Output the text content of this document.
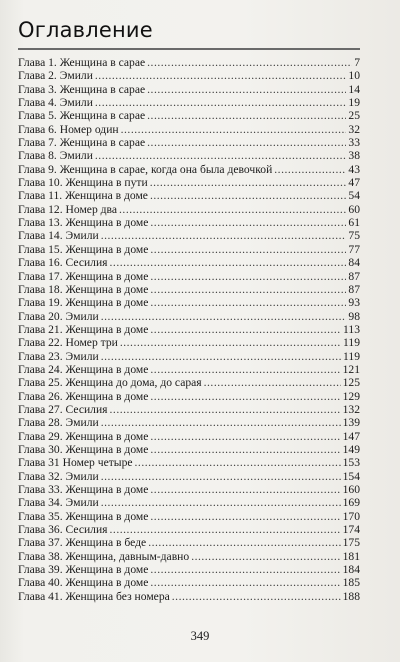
Оглавление
Глава 1. Женщина в сарае .....	7
Глава 2. Эмили .....	10
Глава 3. Женщина в сарае .....	14
Глава 4. Эмили .....	19
Глава 5. Женщина в сарае .....	25
Глава 6. Номер один .....	32
Глава 7. Женщина в сарае .....	33
Глава 8. Эмили .....	38
Глава 9. Женщина в сарае, когда она была девочкой .....	43
Глава 10. Женщина в пути .....	47
Глава 11. Женщина в доме .....	54
Глава 12. Номер два .....	60
Глава 13. Женщина в доме .....	61
Глава 14. Эмили .....	75
Глава 15. Женщина в доме .....	77
Глава 16. Сесилия .....	84
Глава 17. Женщина в доме .....	87
Глава 18. Женщина в доме .....	87
Глава 19. Женщина в доме .....	93
Глава 20. Эмили .....	98
Глава 21. Женщина в доме .....	113
Глава 22. Номер три .....	119
Глава 23. Эмили .....	119
Глава 24. Женщина в доме .....	121
Глава 25. Женщина до дома, до сарая .....	125
Глава 26. Женщина в доме .....	129
Глава 27. Сесилия .....	132
Глава 28. Эмили .....	139
Глава 29. Женщина в доме .....	147
Глава 30. Женщина в доме .....	149
Глава 31 Номер четыре .....	153
Глава 32. Эмили .....	154
Глава 33. Женщина в доме .....	160
Глава 34. Эмили .....	169
Глава 35. Женщина в доме .....	170
Глава 36. Сесилия .....	174
Глава 37. Женщина в беде .....	175
Глава 38. Женщина, давным-давно .....	181
Глава 39. Женщина в доме .....	184
Глава 40. Женщина в доме .....	185
Глава 41. Женщина без номера .....	188
349
